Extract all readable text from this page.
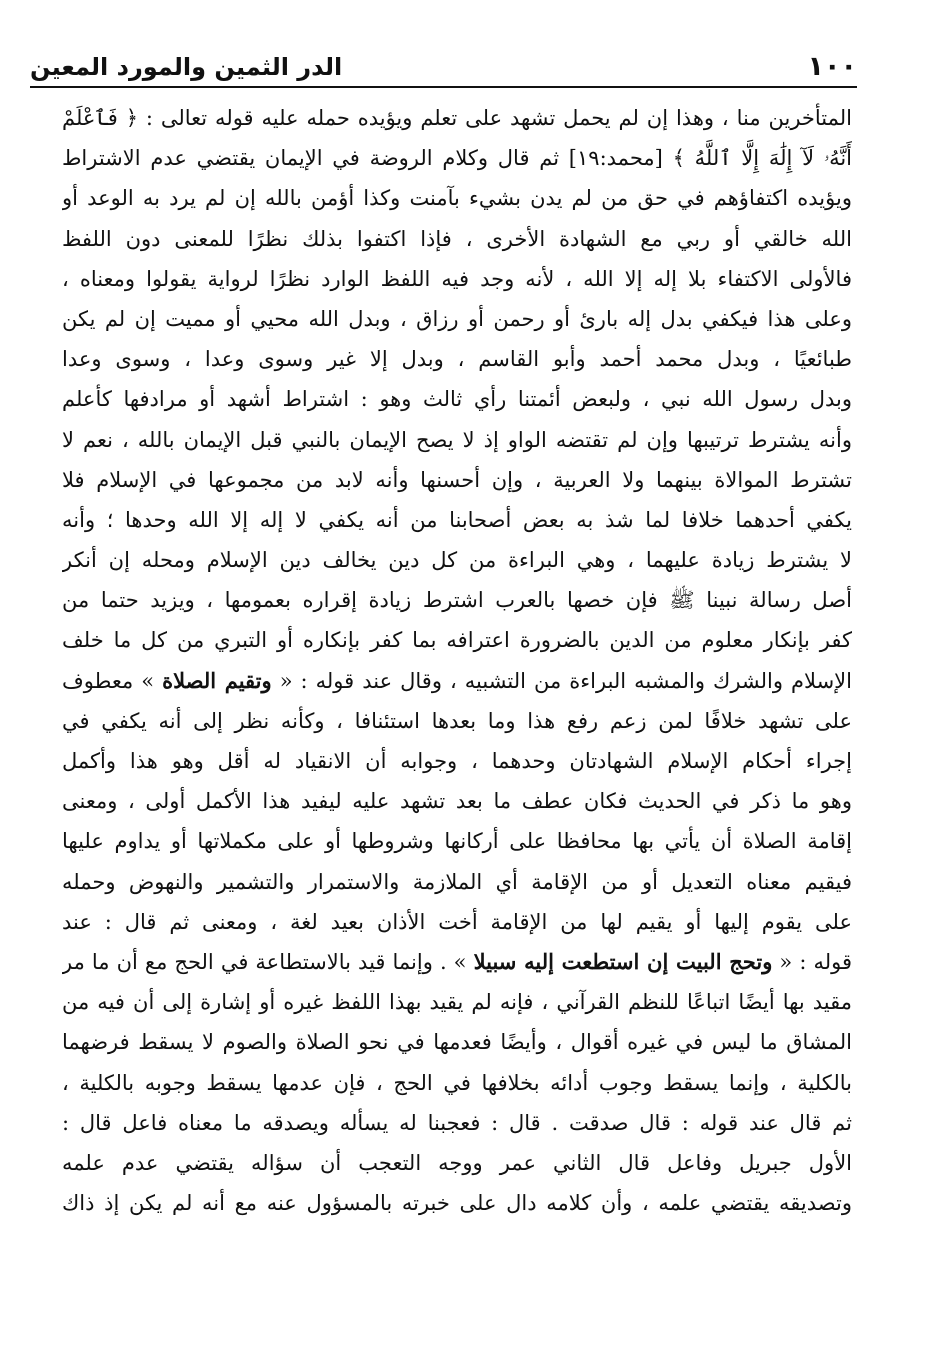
١٠٠
الدر الثمين والمورد المعين
المتأخرين منا ، وهذا إن لم يحمل تشهد على تعلم ويؤيده حمله عليه قوله تعالى : ﴿ فَٱعْلَمْ
أَنَّهُۥ لَآ إِلَٰهَ إِلَّا ٱللَّهُ ﴾ [محمد:١٩] ثم قال وكلام الروضة في الإيمان يقتضي عدم الاشتراط
ويؤيده اكتفاؤهم في حق من لم يدن بشيء بآمنت وكذا أؤمن بالله إن لم يرد به الوعد أو
الله خالقي أو ربي مع الشهادة الأخرى ، فإذا اكتفوا بذلك نظرًا للمعنى دون اللفظ
فالأولى الاكتفاء بلا إله إلا الله ، لأنه وجد فيه اللفظ الوارد نظرًا لرواية يقولوا ومعناه ،
وعلى هذا فيكفي بدل إله بارئ أو رحمن أو رزاق ، وبدل الله محيي أو مميت إن لم يكن
طبائعيًا ، وبدل محمد أحمد وأبو القاسم ، وبدل إلا غير وسوى وعدا ، وسوى وعدا
وبدل رسول الله نبي ، ولبعض أئمتنا رأي ثالث وهو : اشتراط أشهد أو مرادفها كأعلم
وأنه يشترط ترتيبها وإن لم تقتضه الواو إذ لا يصح الإيمان بالنبي قبل الإيمان بالله ، نعم لا
تشترط الموالاة بينهما ولا العربية ، وإن أحسنها وأنه لابد من مجموعها في الإسلام فلا
يكفي أحدهما خلافا لما شذ به بعض أصحابنا من أنه يكفي لا إله إلا الله وحدها ؛ وأنه
لا يشترط زيادة عليهما ، وهي البراءة من كل دين يخالف دين الإسلام ومحله إن أنكر
أصل رسالة نبينا ﷺ فإن خصها بالعرب اشترط زيادة إقراره بعمومها ، ويزيد حتما من
كفر بإنكار معلوم من الدين بالضرورة اعترافه بما كفر بإنكاره أو التبري من كل ما خلف
الإسلام والشرك والمشبه البراءة من التشبيه ، وقال عند قوله : « وتقيم الصلاة » معطوف
على تشهد خلافًا لمن زعم رفع هذا وما بعدها استئنافا ، وكأنه نظر إلى أنه يكفي في
إجراء أحكام الإسلام الشهادتان وحدهما ، وجوابه أن الانقياد له أقل وهو هذا وأكمل
وهو ما ذكر في الحديث فكان عطف ما بعد تشهد عليه ليفيد هذا الأكمل أولى ، ومعنى
إقامة الصلاة أن يأتي بها محافظا على أركانها وشروطها أو على مكملاتها أو يداوم عليها
فيقيم معناه التعديل أو من الإقامة أي الملازمة والاستمرار والتشمير والنهوض وحمله
على يقوم إليها أو يقيم لها من الإقامة أخت الأذان بعيد لغة ، ومعنى ثم قال : عند
قوله : « وتحج البيت إن استطعت إليه سبيلا » . وإنما قيد بالاستطاعة في الحج مع أن ما مر
مقيد بها أيضًا اتباعًا للنظم القرآني ، فإنه لم يقيد بهذا اللفظ غيره أو إشارة إلى أن فيه من
المشاق ما ليس في غيره أقوال ، وأيضًا فعدمها في نحو الصلاة والصوم لا يسقط فرضهما
بالكلية ، وإنما يسقط وجوب أدائه بخلافها في الحج ، فإن عدمها يسقط وجوبه بالكلية ،
ثم قال عند قوله : قال صدقت . قال : فعجبنا له يسأله ويصدقه ما معناه فاعل قال :
الأول جبريل وفاعل قال الثاني عمر ووجه التعجب أن سؤاله يقتضي عدم علمه
وتصديقه يقتضي علمه ، وأن كلامه دال على خبرته بالمسؤول عنه مع أنه لم يكن إذ ذاك
